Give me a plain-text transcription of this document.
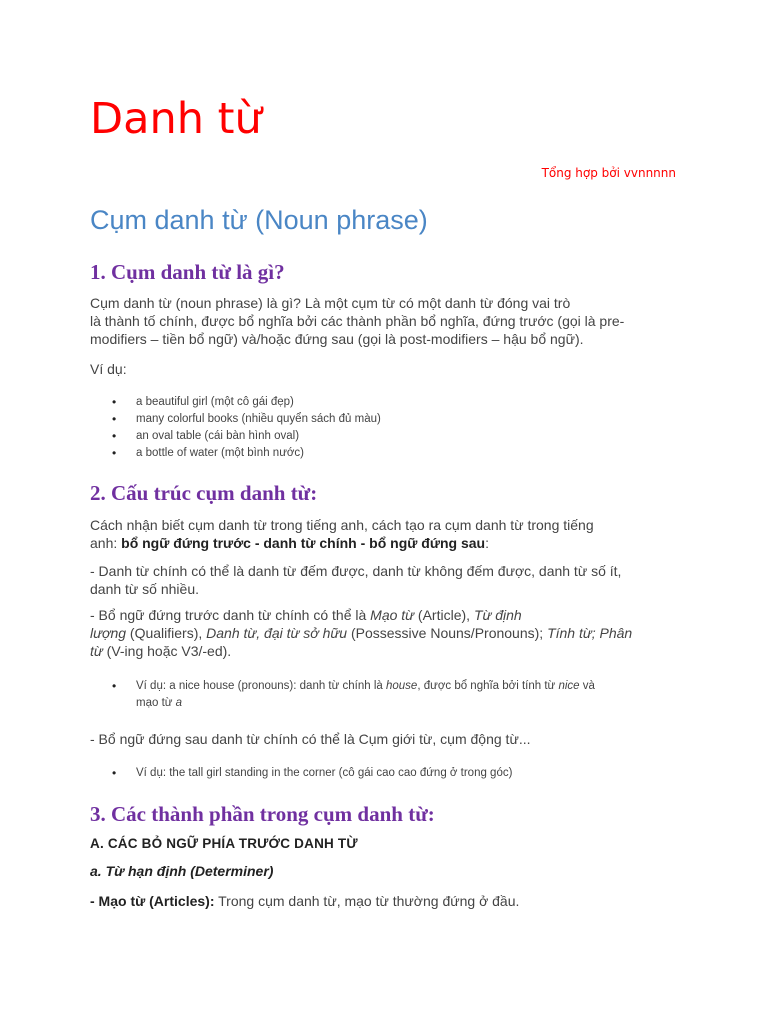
Danh từ

Tổng hợp bởi vvnnnnn

Cụm danh từ (Noun phrase)
1. Cụm danh từ là gì?

Cụm danh từ (noun phrase) là gì? Là một cụm từ có một danh từ đóng vai trò
là thành tố chính, được bổ nghĩa bởi các thành phần bổ nghĩa, đứng trước (gọi là pre-
modifiers – tiền bổ ngữ) và/hoặc đứng sau (gọi là post-modifiers – hậu bổ ngữ).

Ví dụ:

• a beautiful girl (một cô gái đẹp)
• many colorful books (nhiều quyển sách đủ màu)
• an oval table (cái bàn hình oval)
• a bottle of water (một bình nước)
2. Cấu trúc cụm danh từ:

Cách nhận biết cụm danh từ trong tiếng anh, cách tạo ra cụm danh từ trong tiếng
anh: bổ ngữ đứng trước - danh từ chính - bổ ngữ đứng sau:

- Danh từ chính có thể là danh từ đếm được, danh từ không đếm được, danh từ số ít,
danh từ số nhiều.

- Bổ ngữ đứng trước danh từ chính có thể là Mạo từ (Article), Từ định
lượng (Qualifiers), Danh từ, đại từ sở hữu (Possessive Nouns/Pronouns); Tính từ; Phân
từ (V-ing hoặc V3/-ed).

• Ví dụ: a nice house (pronouns): danh từ chính là house, được bổ nghĩa bởi tính từ nice và
mạo từ a

- Bổ ngữ đứng sau danh từ chính có thể là Cụm giới từ, cụm động từ...

• Ví dụ: the tall girl standing in the corner (cô gái cao cao đứng ở trong góc)
3. Các thành phần trong cụm danh từ:

A. CÁC BỎ NGỮ PHÍA TRƯỚC DANH TỪ

a. Từ hạn định (Determiner)

- Mạo từ (Articles): Trong cụm danh từ, mạo từ thường đứng ở đầu.
